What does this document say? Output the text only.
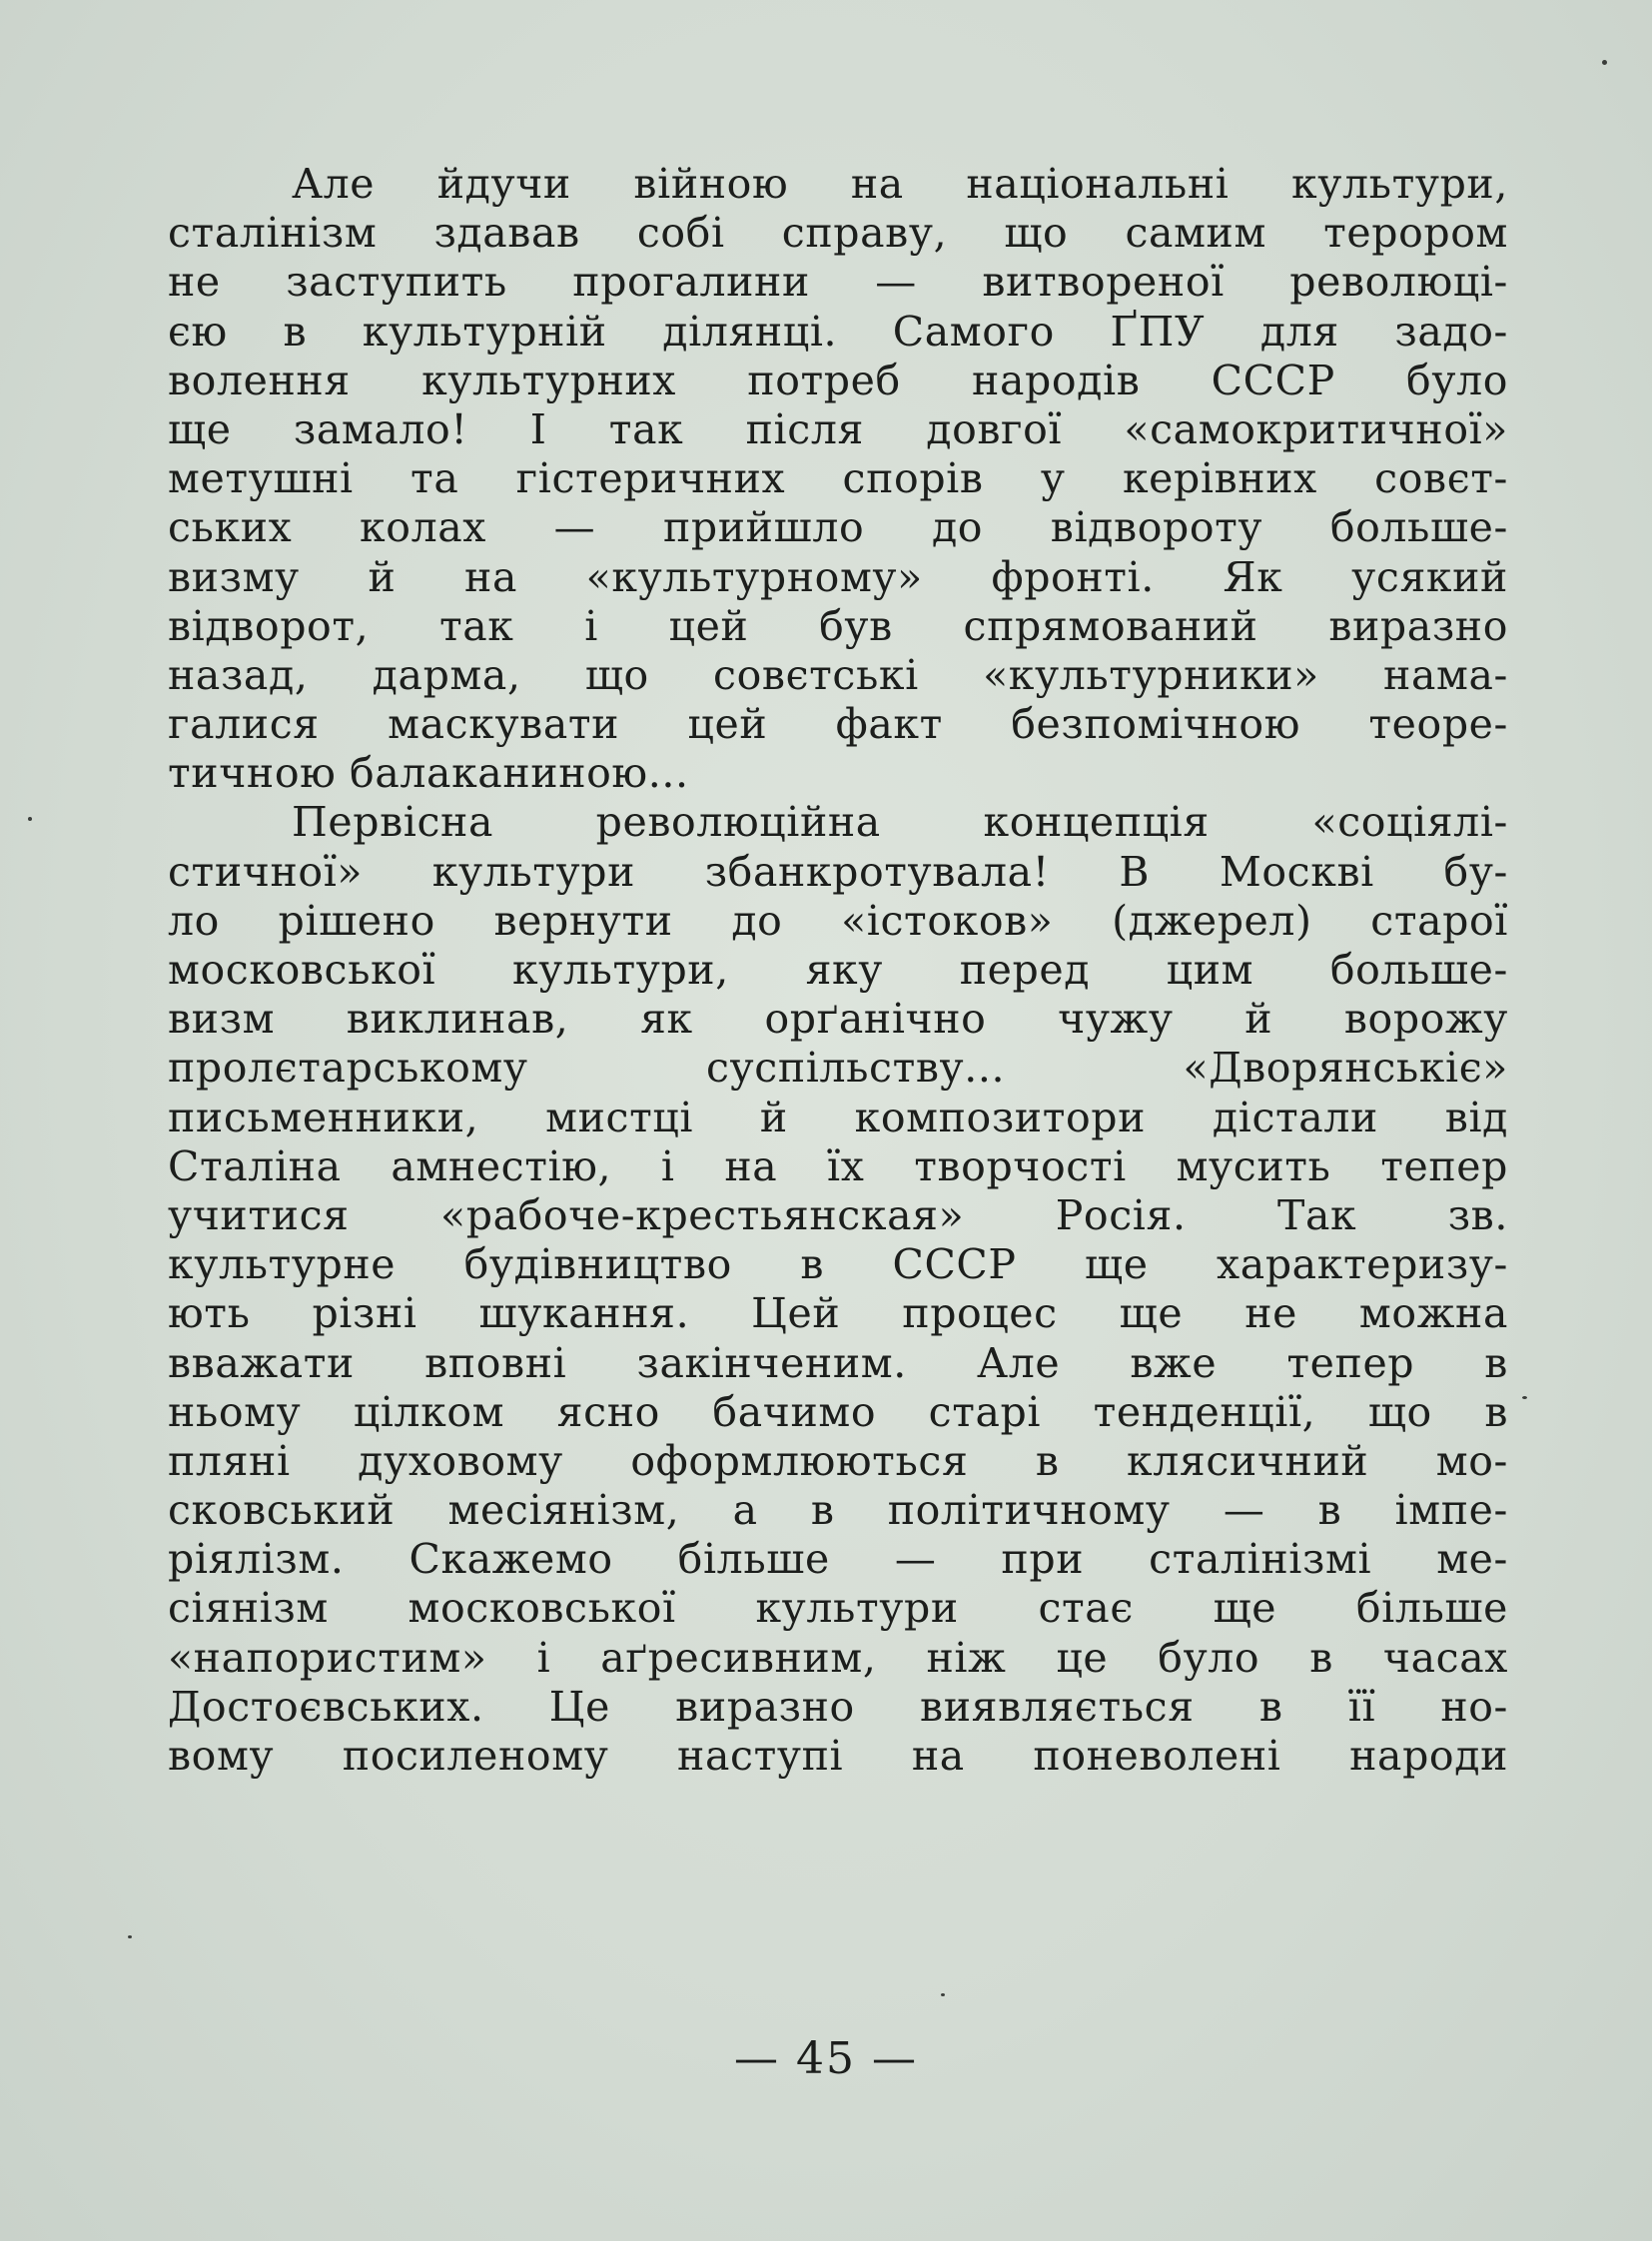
Але йдучи війною на національні культури,
сталінізм здавав собі справу, що самим терором
не заступить прогалини — витвореної революці-
єю в культурній ділянці. Самого ҐПУ для задо-
волення культурних потреб народів СССР було
ще замало! І так після довгої «самокритичної»
метушні та гістеричних спорів у керівних совєт-
ських колах — прийшло до відвороту большe-
визму й на «культурному» фронті. Як усякий
відворот, так і цей був спрямований виразно
назад, дарма, що совєтські «культурники» нама-
галися маскувати цей факт безпомічною теоре-
тичною балаканиною...

Первісна революційна концепція «соціялі-
стичної» культури збанкротувала! В Москві бу-
ло рішено вернути до «істоков» (джерел) старої
московської культури, яку перед цим больше-
визм виклинав, як орґанічно чужу й ворожу
пролєтарському суспільству... «Дворянськіє»
письменники, мистці й композитори дістали від
Сталіна амнестію, і на їх творчості мусить тепер
учитися «рабоче-крестьянская» Росія. Так зв.
культурне будівництво в СССР ще характеризу-
ють різні шукання. Цей процес ще не можна
вважати вповні закінченим. Але вже тепер в
ньому цілком ясно бачимо старі тенденції, що в
пляні духовому оформлюються в клясичний мо-
сковський месіянізм, а в політичному — в імпе-
ріялізм. Скажемо більше — при сталінізмі ме-
сіянізм московської культури стає ще більше
«напористим» і аґресивним, ніж це було в часах
Достоєвських. Це виразно виявляється в її но-
вому посиленому наступі на поневолені народи

— 45 —
